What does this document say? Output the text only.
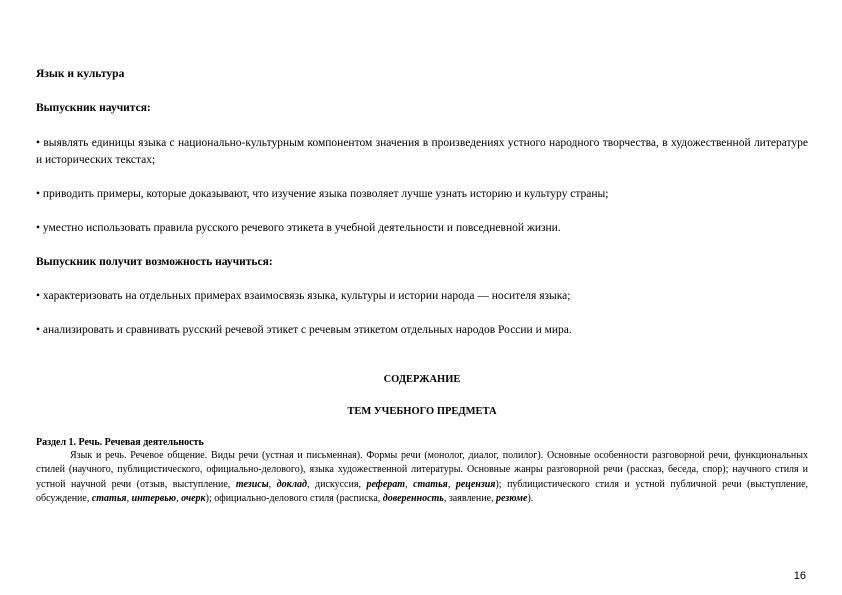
Язык и культура
Выпускник научится:
• выявлять единицы языка с национально-культурным компонентом значения в произведениях устного народного творчества, в художественной литературе и исторических текстах;
• приводить примеры, которые доказывают, что изучение языка позволяет лучше узнать историю и культуру страны;
• уместно использовать правила русского речевого этикета в учебной деятельности и повседневной жизни.
Выпускник получит возможность научиться:
• характеризовать на отдельных примерах взаимосвязь языка, культуры и истории народа — носителя языка;
• анализировать и сравнивать русский речевой этикет с речевым этикетом отдельных народов России и мира.
СОДЕРЖАНИЕ
ТЕМ УЧЕБНОГО ПРЕДМЕТА
Раздел 1. Речь. Речевая деятельность
Язык и речь. Речевое общение. Виды речи (устная и письменная). Формы речи (монолог, диалог, полилог). Основные особенности разговорной речи, функциональных стилей (научного, публицистического, официально-делового), языка художественной литературы. Основные жанры разговорной речи (рассказ, беседа, спор); научного стиля и устной научной речи (отзыв, выступление, тезисы, доклад, дискуссия, реферат, статья, рецензия); публицистического стиля и устной публичной речи (выступление, обсуждение, статья, интервью, очерк); официально-делового стиля (расписка, доверенность, заявление, резюме).
16
